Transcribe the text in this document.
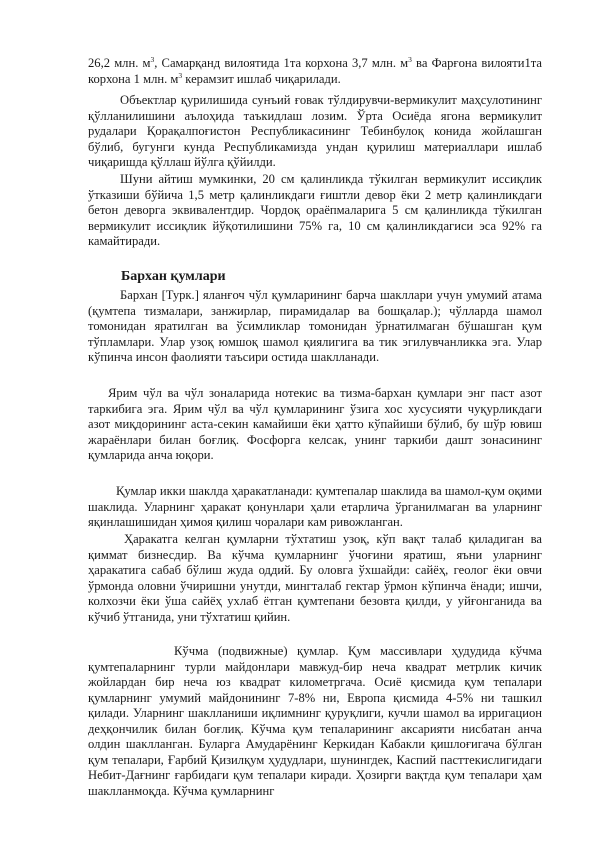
26,2 млн. $м^3$, Самарқанд вилоятида 1та корхона 3,7 млн. $м^3$ ва Фарғона вилояти1та корхона 1 млн. $м^3$ керамзит ишлаб чиқарилади.

Объектлар қурилишида сунъий ғовак тўлдирувчи-вермикулит маҳсулотининг қўлланилишини аълоҳида таъкидлаш лозим. Ўрта Осиёда ягона вермикулит рудалари Қорақалпоғистон Республикасининг Тебинбулоқ конида жойлашган бўлиб, бугунги кунда Республикамизда ундан қурилиш материаллари ишлаб чиқаришда қўллаш йўлга қўйилди.

Шуни айтиш мумкинки, 20 см қалинликда тўкилган вермикулит иссиқлик ўтказиши бўйича 1,5 метр қалинликдаги ғиштли девор ёки 2 метр қалинликдаги бетон деворга эквивалентдир. Чордоқ ораёпмаларига 5 см қалинликда тўкилган вермикулит иссиқлик йўқотилишини 75% га, 10 см қалинликдагиси эса 92% га камайтиради.

Бархан қумлари

Бархан [Турк.] яланғоч чўл қумларининг барча шакллари учун умумий атама (қумтепа тизмалари, занжирлар, пирамидалар ва бошқалар.); чўлларда шамол томонидан яратилган ва ўсимликлар томонидан ўрнатилмаган бўшашган қум тўпламлари. Улар узоқ юмшоқ шамол қиялигига ва тик эгилувчанликка эга. Улар кўпинча инсон фаолияти таъсири остида шаклланади.

Ярим чўл ва чўл зоналарида нотекис ва тизма-бархан қумлари энг паст азот таркибига эга. Ярим чўл ва чўл қумларининг ўзига хос хусусияти чуқурликдаги азот миқдорининг аста-секин камайиши ёки ҳатто кўпайиши бўлиб, бу шўр ювиш жараёнлари билан боғлиқ. Фосфорга келсак, унинг таркиби дашт зонасининг қумларида анча юқори.

Қумлар икки шаклда ҳаракатланади: қумтепалар шаклида ва шамол-қум оқими шаклида. Уларнинг ҳаракат қонунлари ҳали етарлича ўрганилмаган ва уларнинг яқинлашишидан ҳимоя қилиш чоралари кам ривожланган.

Ҳаракатга келган қумларни тўхтатиш узоқ, кўп вақт талаб қиладиган ва қиммат бизнесдир. Ва кўчма қумларнинг ўчоғини яратиш, яъни уларнинг ҳаракатига сабаб бўлиш жуда оддий. Бу оловга ўхшайди: сайёҳ, геолог ёки овчи ўрмонда оловни ўчиришни унутди, мингталаб гектар ўрмон кўпинча ёнади; ишчи, колхозчи ёки ўша сайёҳ ухлаб ётган қумтепани безовта қилди, у уйғонганида ва кўчиб ўтганида, уни тўхтатиш қийин.

Кўчма (подвижные) қумлар. Қум массивлари ҳудудида кўчма қумтепаларнинг турли майдонлари мавжуд-бир неча квадрат метрлик кичик жойлардан бир неча юз квадрат километргача. Осиё қисмида қум тепалари қумларнинг умумий майдонининг 7-8% ни, Европа қисмида 4-5% ни ташкил қилади. Уларнинг шаклланиши иқлимнинг қуруқлиги, кучли шамол ва ирригацион деҳқончилик билан боғлиқ. Кўчма қум тепаларининг аксарияти нисбатан анча олдин шаклланган. Буларга Амударёнинг Керкидан Кабакли қишлоғигача бўлган қум тепалари, Ғарбий Қизилқум ҳудудлари, шунингдек, Каспий пасттекислигидаги Небит-Дағнинг ғарбидаги қум тепалари киради. Ҳозирги вақтда қум тепалари ҳам шаклланмоқда. Кўчма қумларнинг
